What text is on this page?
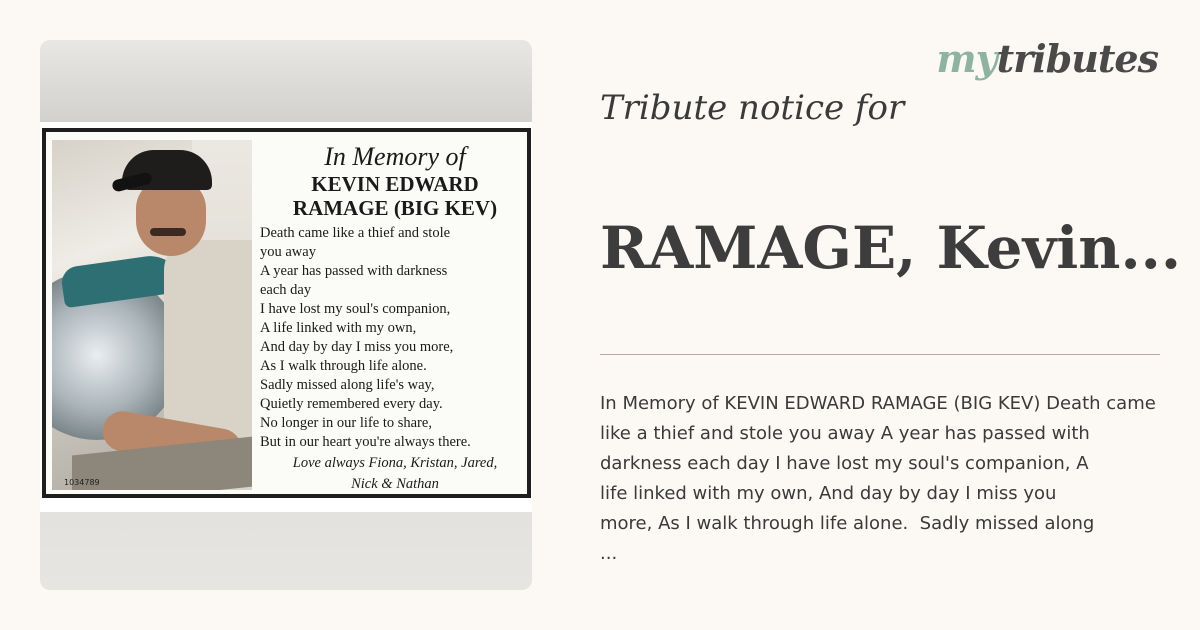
1034789
In Memory of
KEVIN EDWARD
RAMAGE (BIG KEV)
Death came like a thief and stole
you away
A year has passed with darkness
each day
I have lost my soul's companion,
A life linked with my own,
And day by day I miss you more,
As I walk through life alone.
Sadly missed along life's way,
Quietly remembered every day.
No longer in our life to share,
But in our heart you're always there.
Love always Fiona, Kristan, Jared,
Nick & Nathan
mytributes
Tribute notice for
RAMAGE, Kevin...
In Memory of KEVIN EDWARD RAMAGE (BIG KEV) Death came
like a thief and stole you away A year has passed with
darkness each day I have lost my soul's companion, A
life linked with my own, And day by day I miss you
more, As I walk through life alone.  Sadly missed along
...
